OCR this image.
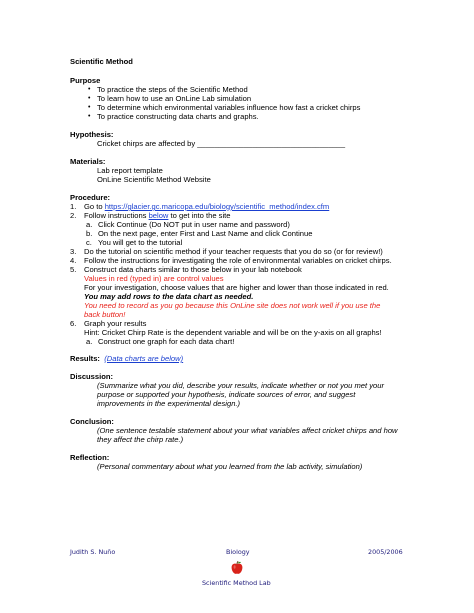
Scientific Method
Purpose
• To practice the steps of the Scientific Method
• To learn how to use an OnLine Lab simulation
• To determine which environmental variables influence how fast a cricket chirps
• To practice constructing data charts and graphs.
Hypothesis:
Cricket chirps are affected by ___________________________________
Materials:
Lab report template
OnLine Scientific Method Website
Procedure:
1. Go to https://glacier.gc.maricopa.edu/biology/scientific_method/index.cfm
2. Follow instructions below to get into the site
a. Click Continue (Do NOT put in user name and password)
b. On the next page, enter First and Last Name and click Continue
c. You will get to the tutorial
3. Do the tutorial on scientific method if your teacher requests that you do so (or for review!)
4. Follow the instructions for investigating the role of environmental variables on cricket chirps.
5. Construct data charts similar to those below in your lab notebook
Values in red (typed in) are control values
For your investigation, choose values that are higher and lower than those indicated in red.
You may add rows to the data chart as needed.
You need to record as you go because this OnLine site does not work well if you use the
back button!
6. Graph your results
Hint: Cricket Chirp Rate is the dependent variable and will be on the y-axis on all graphs!
a. Construct one graph for each data chart!
Results: (Data charts are below)
Discussion:
(Summarize what you did, describe your results, indicate whether or not you met your
purpose or supported your hypothesis, indicate sources of error, and suggest
improvements in the experimental design.)
Conclusion:
(One sentence testable statement about your what variables affect cricket chirps and how
they affect the chirp rate.)
Reflection:
(Personal commentary about what you learned from the lab activity, simulation)
Judith S. Nuño	Biology	2005/2006
Scientific Method Lab
